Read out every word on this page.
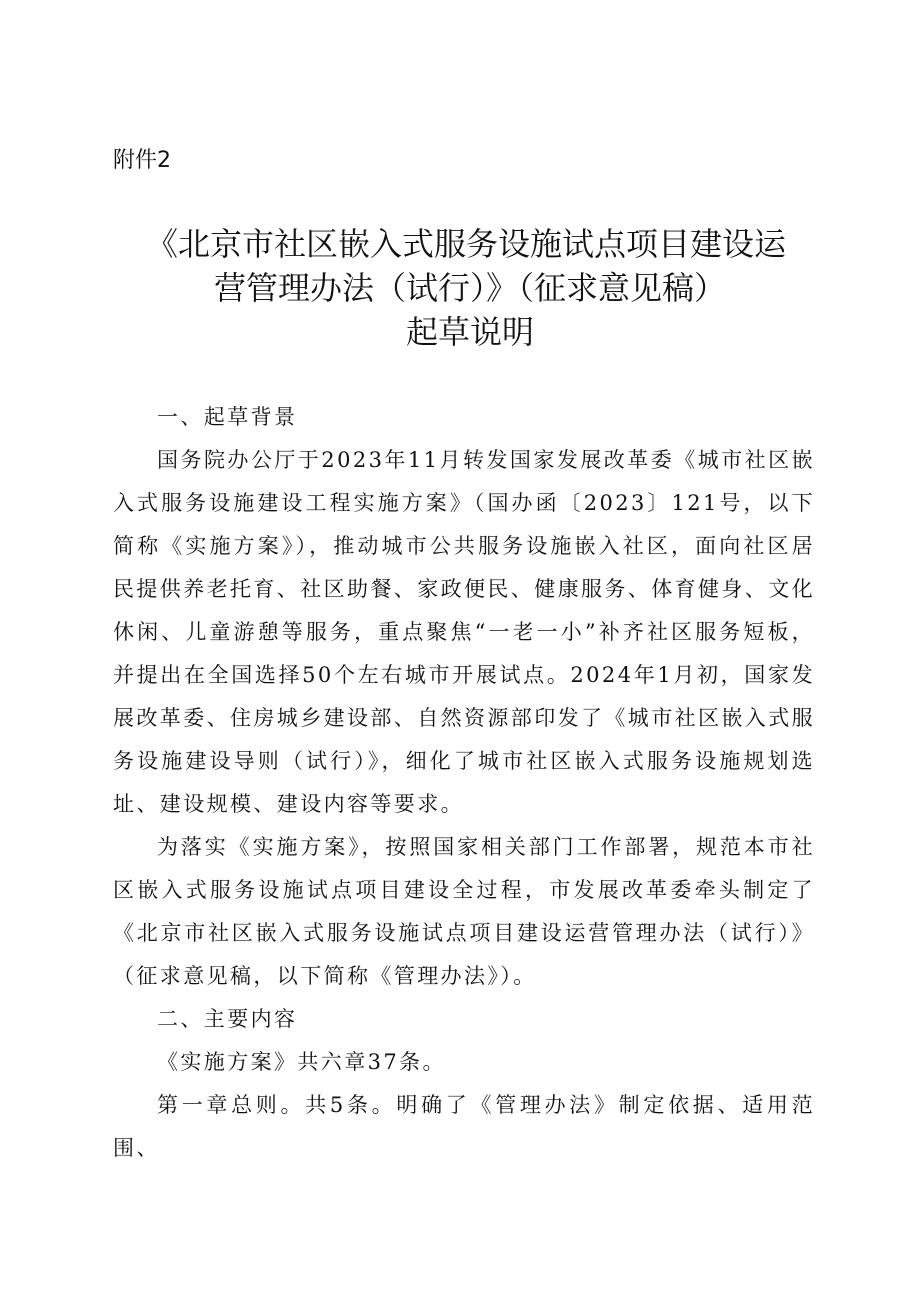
附件2
《北京市社区嵌入式服务设施试点项目建设运
营管理办法（试行）》（征求意见稿）
起草说明
一、起草背景

国务院办公厅于2023年11月转发国家发展改革委《城市社区嵌入式服务设施建设工程实施方案》（国办函〔2023〕121号，以下简称《实施方案》），推动城市公共服务设施嵌入社区，面向社区居民提供养老托育、社区助餐、家政便民、健康服务、体育健身、文化休闲、儿童游憩等服务，重点聚焦“一老一小”补齐社区服务短板，并提出在全国选择50个左右城市开展试点。2024年1月初，国家发展改革委、住房城乡建设部、自然资源部印发了《城市社区嵌入式服务设施建设导则（试行）》，细化了城市社区嵌入式服务设施规划选址、建设规模、建设内容等要求。

为落实《实施方案》，按照国家相关部门工作部署，规范本市社区嵌入式服务设施试点项目建设全过程，市发展改革委牵头制定了《北京市社区嵌入式服务设施试点项目建设运营管理办法（试行）》（征求意见稿，以下简称《管理办法》）。

二、主要内容

《实施方案》共六章37条。

第一章总则。共5条。明确了《管理办法》制定依据、适用范围、
